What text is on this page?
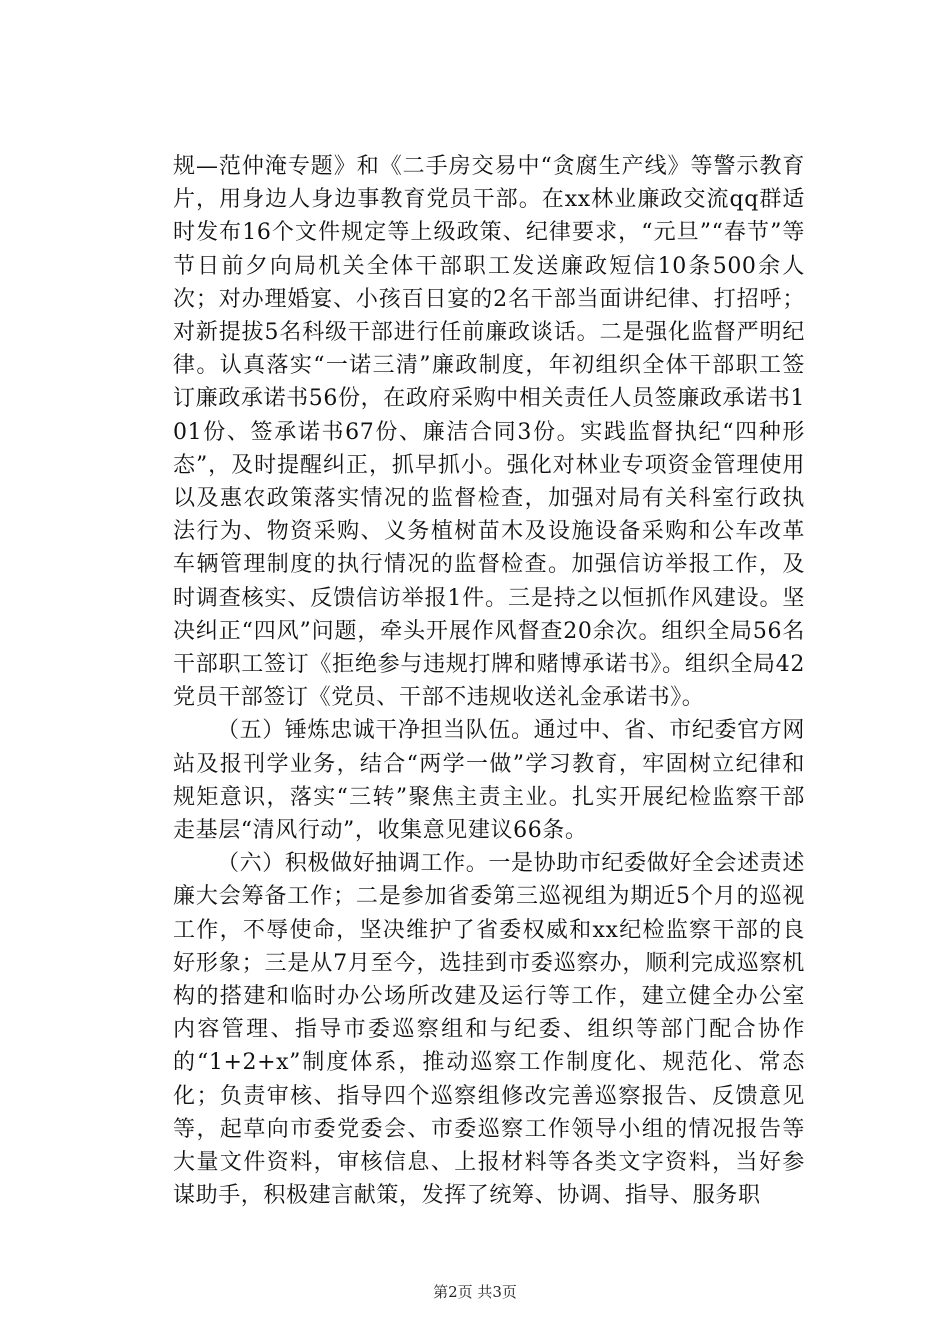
规—范仲淹专题》和《二手房交易中“贪腐生产线》等警示教育片，用身边人身边事教育党员干部。在xx林业廉政交流qq群适时发布16个文件规定等上级政策、纪律要求，“元旦”“春节”等节日前夕向局机关全体干部职工发送廉政短信10条500余人次；对办理婚宴、小孩百日宴的2名干部当面讲纪律、打招呼；对新提拔5名科级干部进行任前廉政谈话。二是强化监督严明纪律。认真落实“一诺三清”廉政制度，年初组织全体干部职工签订廉政承诺书56份，在政府采购中相关责任人员签廉政承诺书101份、签承诺书67份、廉洁合同3份。实践监督执纪“四种形态”，及时提醒纠正，抓早抓小。强化对林业专项资金管理使用以及惠农政策落实情况的监督检查，加强对局有关科室行政执法行为、物资采购、义务植树苗木及设施设备采购和公车改革车辆管理制度的执行情况的监督检查。加强信访举报工作，及时调查核实、反馈信访举报1件。三是持之以恒抓作风建设。坚决纠正“四风”问题，牵头开展作风督查20余次。组织全局56名干部职工签订《拒绝参与违规打牌和赌博承诺书》。组织全局42党员干部签订《党员、干部不违规收送礼金承诺书》。

（五）锤炼忠诚干净担当队伍。通过中、省、市纪委官方网站及报刊学业务，结合“两学一做”学习教育，牢固树立纪律和规矩意识，落实“三转”聚焦主责主业。扎实开展纪检监察干部走基层“清风行动”，收集意见建议66条。

（六）积极做好抽调工作。一是协助市纪委做好全会述责述廉大会筹备工作；二是参加省委第三巡视组为期近5个月的巡视工作，不辱使命，坚决维护了省委权威和xx纪检监察干部的良好形象；三是从7月至今，选挂到市委巡察办，顺利完成巡察机构的搭建和临时办公场所改建及运行等工作，建立健全办公室内容管理、指导市委巡察组和与纪委、组织等部门配合协作的“1+2+x”制度体系，推动巡察工作制度化、规范化、常态化；负责审核、指导四个巡察组修改完善巡察报告、反馈意见等，起草向市委党委会、市委巡察工作领导小组的情况报告等大量文件资料，审核信息、上报材料等各类文字资料，当好参谋助手，积极建言献策，发挥了统筹、协调、指导、服务职

第2页 共3页
